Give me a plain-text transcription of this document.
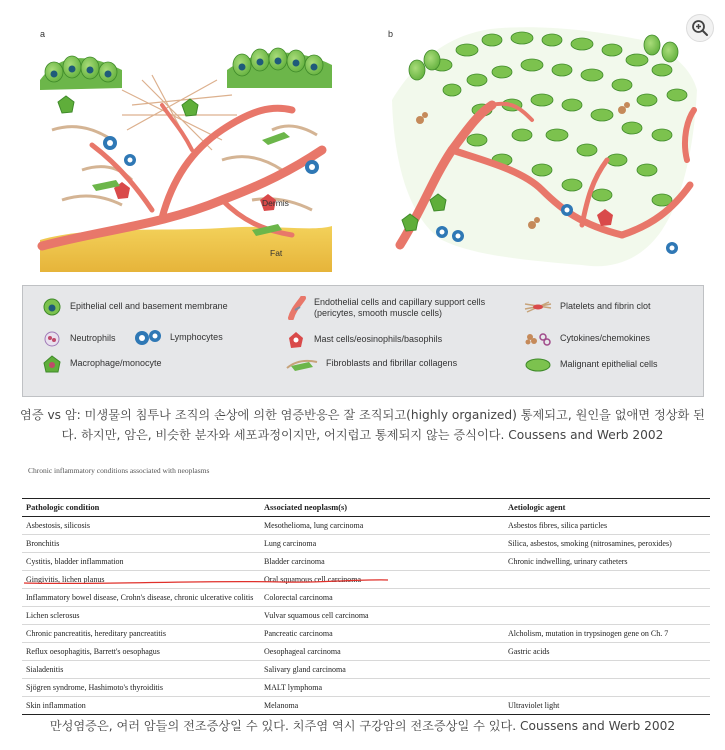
Dermis
Fat
a	b
Epithelial cell and basement membrane	Endothelial cells and capillary support cells (pericytes, smooth muscle cells)
Platelets and fibrin clot
Neutrophils	Lymphocytes	Mast cells/eosinophils/basophils	Cytokines/chemokines
Macrophage/monocyte	Fibroblasts and fibrillar collagens	Malignant epithelial cells
염증 vs 암: 미생물의 침투나 조직의 손상에 의한 염증반응은 잘 조직되고(highly organized) 통제되고, 원인을 없애면 정상화 된
다. 하지만, 암은, 비슷한 분자와 세포과정이지만, 어지럽고 통제되지 않는 증식이다. Coussens and Werb 2002
Chronic inflammatory conditions associated with neoplasms
Pathologic condition	Associated neoplasm(s)	Aetiologic agent
Asbestosis, silicosis	Mesothelioma, lung carcinoma	Asbestos fibres, silica particles
Bronchitis	Lung carcinoma	Silica, asbestos, smoking (nitrosamines, peroxides)
Cystitis, bladder inflammation	Bladder carcinoma	Chronic indwelling, urinary catheters
Gingivitis, lichen planus	Oral squamous cell carcinoma	
Inflammatory bowel disease, Crohn's disease, chronic ulcerative colitis	Colorectal carcinoma	
Lichen sclerosus	Vulvar squamous cell carcinoma	
Chronic pancreatitis, hereditary pancreatitis	Pancreatic carcinoma	Alcholism, mutation in trypsinogen gene on Ch. 7
Reflux oesophagitis, Barrett's oesophagus	Oesophageal carcinoma	Gastric acids
Sialadenitis	Salivary gland carcinoma	
Sjögren syndrome, Hashimoto's thyroiditis	MALT lymphoma	
Skin inflammation	Melanoma	Ultraviolet light
만성염증은, 여러 암들의 전조증상일 수 있다. 치주염 역시 구강암의 전조증상일 수 있다. Coussens and Werb 2002
